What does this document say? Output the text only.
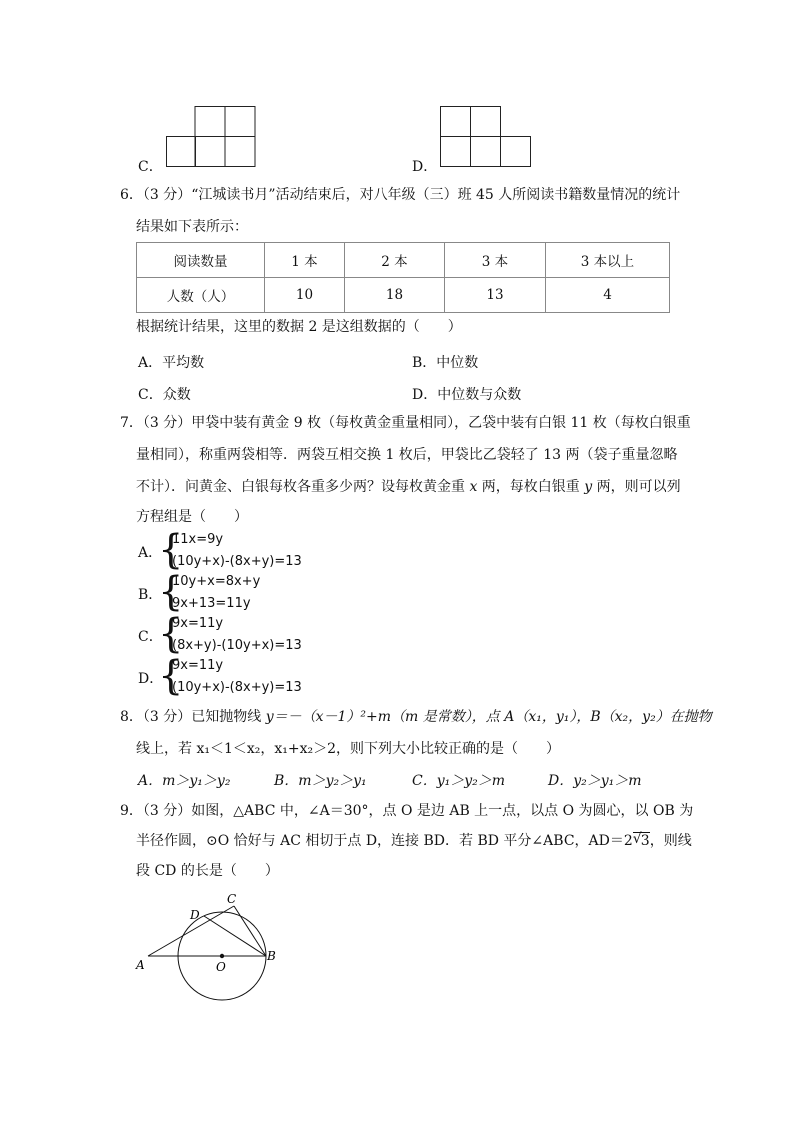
C．	D．
6．（3 分）“江城读书月”活动结束后，对八年级（三）班 45 人所阅读书籍数量情况的统计
结果如下表所示：
阅读数量	1 本	2 本	3 本	3 本以上
人数（人）	10	18	13	4
根据统计结果，这里的数据 2 是这组数据的（　　）
A．平均数	B．中位数
C．众数	D．中位数与众数
7．（3 分）甲袋中装有黄金 9 枚（每枚黄金重量相同），乙袋中装有白银 11 枚（每枚白银重
量相同），称重两袋相等．两袋互相交换 1 枚后，甲袋比乙袋轻了 13 两（袋子重量忽略
不计）．问黄金、白银每枚各重多少两？设每枚黄金重 x 两，每枚白银重 y 两，则可以列
方程组是（　　）
A．
{
11x=9y
(10y+x)-(8x+y)=13
B．
{
10y+x=8x+y
9x+13=11y
C．
{
9x=11y
(8x+y)-(10y+x)=13
D．
{
9x=11y
(10y+x)-(8x+y)=13
8．（3 分）已知抛物线 y＝－（x－1）²+m（m 是常数），点 A（x₁，y₁），B（x₂，y₂）在抛物
线上，若 x₁＜1＜x₂，x₁+x₂＞2，则下列大小比较正确的是（　　）
A．m＞y₁＞y₂	B．m＞y₂＞y₁	C．y₁＞y₂＞m	D．y₂＞y₁＞m
9．（3 分）如图，△ABC 中，∠A＝30°，点 O 是边 AB 上一点，以点 O 为圆心，以 OB 为
半径作圆，⊙O 恰好与 AC 相切于点 D，连接 BD．若 BD 平分∠ABC，AD＝2 √ 3，则线
段 CD 的长是（　　）
A
B
C
D
O
